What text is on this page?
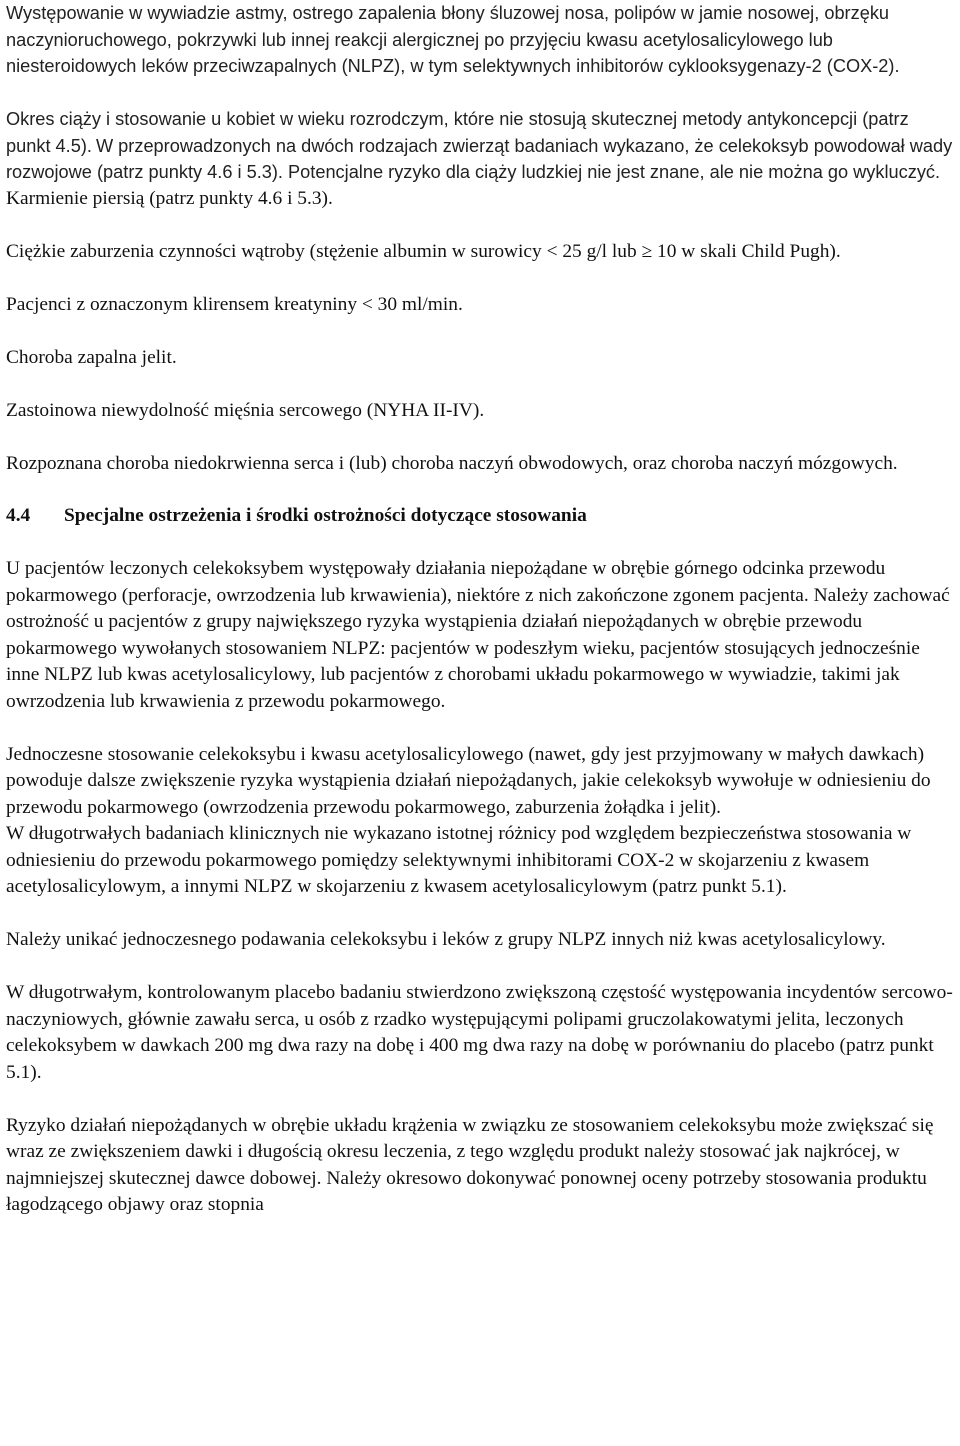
Występowanie w wywiadzie astmy, ostrego zapalenia błony śluzowej nosa, polipów w jamie nosowej, obrzęku naczynioruchowego, pokrzywki lub innej reakcji alergicznej po przyjęciu kwasu acetylosalicylowego lub niesteroidowych leków przeciwzapalnych (NLPZ), w tym selektywnych inhibitorów cyklooksygenazy-2 (COX-2).

Okres ciąży i stosowanie u kobiet w wieku rozrodczym, które nie stosują skutecznej metody antykoncepcji (patrz punkt 4.5). W przeprowadzonych na dwóch rodzajach zwierząt badaniach wykazano, że celekoksyb powodował wady rozwojowe (patrz punkty 4.6 i 5.3). Potencjalne ryzyko dla ciąży ludzkiej nie jest znane, ale nie można go wykluczyć.
Karmienie piersią (patrz punkty 4.6 i 5.3).

Ciężkie zaburzenia czynności wątroby (stężenie albumin w surowicy < 25 g/l lub ≥ 10 w skali Child Pugh).

Pacjenci z oznaczonym klirensem kreatyniny < 30 ml/min.

Choroba zapalna jelit.

Zastoinowa niewydolność mięśnia sercowego (NYHA II-IV).

Rozpoznana choroba niedokrwienna serca i (lub) choroba naczyń obwodowych, oraz choroba naczyń mózgowych.

4.4 Specjalne ostrzeżenia i środki ostrożności dotyczące stosowania

U pacjentów leczonych celekoksybem występowały działania niepożądane w obrębie górnego odcinka przewodu pokarmowego (perforacje, owrzodzenia lub krwawienia), niektóre z nich zakończone zgonem pacjenta. Należy zachować ostrożność u pacjentów z grupy największego ryzyka wystąpienia działań niepożądanych w obrębie przewodu pokarmowego wywołanych stosowaniem NLPZ: pacjentów w podeszłym wieku, pacjentów stosujących jednocześnie inne NLPZ lub kwas acetylosalicylowy, lub pacjentów z chorobami układu pokarmowego w wywiadzie, takimi jak owrzodzenia lub krwawienia z przewodu pokarmowego.

Jednoczesne stosowanie celekoksybu i kwasu acetylosalicylowego (nawet, gdy jest przyjmowany w małych dawkach) powoduje dalsze zwiększenie ryzyka wystąpienia działań niepożądanych, jakie celekoksyb wywołuje w odniesieniu do przewodu pokarmowego (owrzodzenia przewodu pokarmowego, zaburzenia żołądka i jelit).

W długotrwałych badaniach klinicznych nie wykazano istotnej różnicy pod względem bezpieczeństwa stosowania w odniesieniu do przewodu pokarmowego pomiędzy selektywnymi inhibitorami COX-2 w skojarzeniu z kwasem acetylosalicylowym, a innymi NLPZ w skojarzeniu z kwasem acetylosalicylowym (patrz punkt 5.1).

Należy unikać jednoczesnego podawania celekoksybu i leków z grupy NLPZ innych niż kwas acetylosalicylowy.

W długotrwałym, kontrolowanym placebo badaniu stwierdzono zwiększoną częstość występowania incydentów sercowo-naczyniowych, głównie zawału serca, u osób z rzadko występującymi polipami gruczolakowatymi jelita, leczonych celekoksybem w dawkach 200 mg dwa razy na dobę i 400 mg dwa razy na dobę w porównaniu do placebo (patrz punkt 5.1).

Ryzyko działań niepożądanych w obrębie układu krążenia w związku ze stosowaniem celekoksybu może zwiększać się wraz ze zwiększeniem dawki i długością okresu leczenia, z tego względu produkt należy stosować jak najkrócej, w najmniejszej skutecznej dawce dobowej. Należy okresowo dokonywać ponownej oceny potrzeby stosowania produktu łagodzącego objawy oraz stopnia
